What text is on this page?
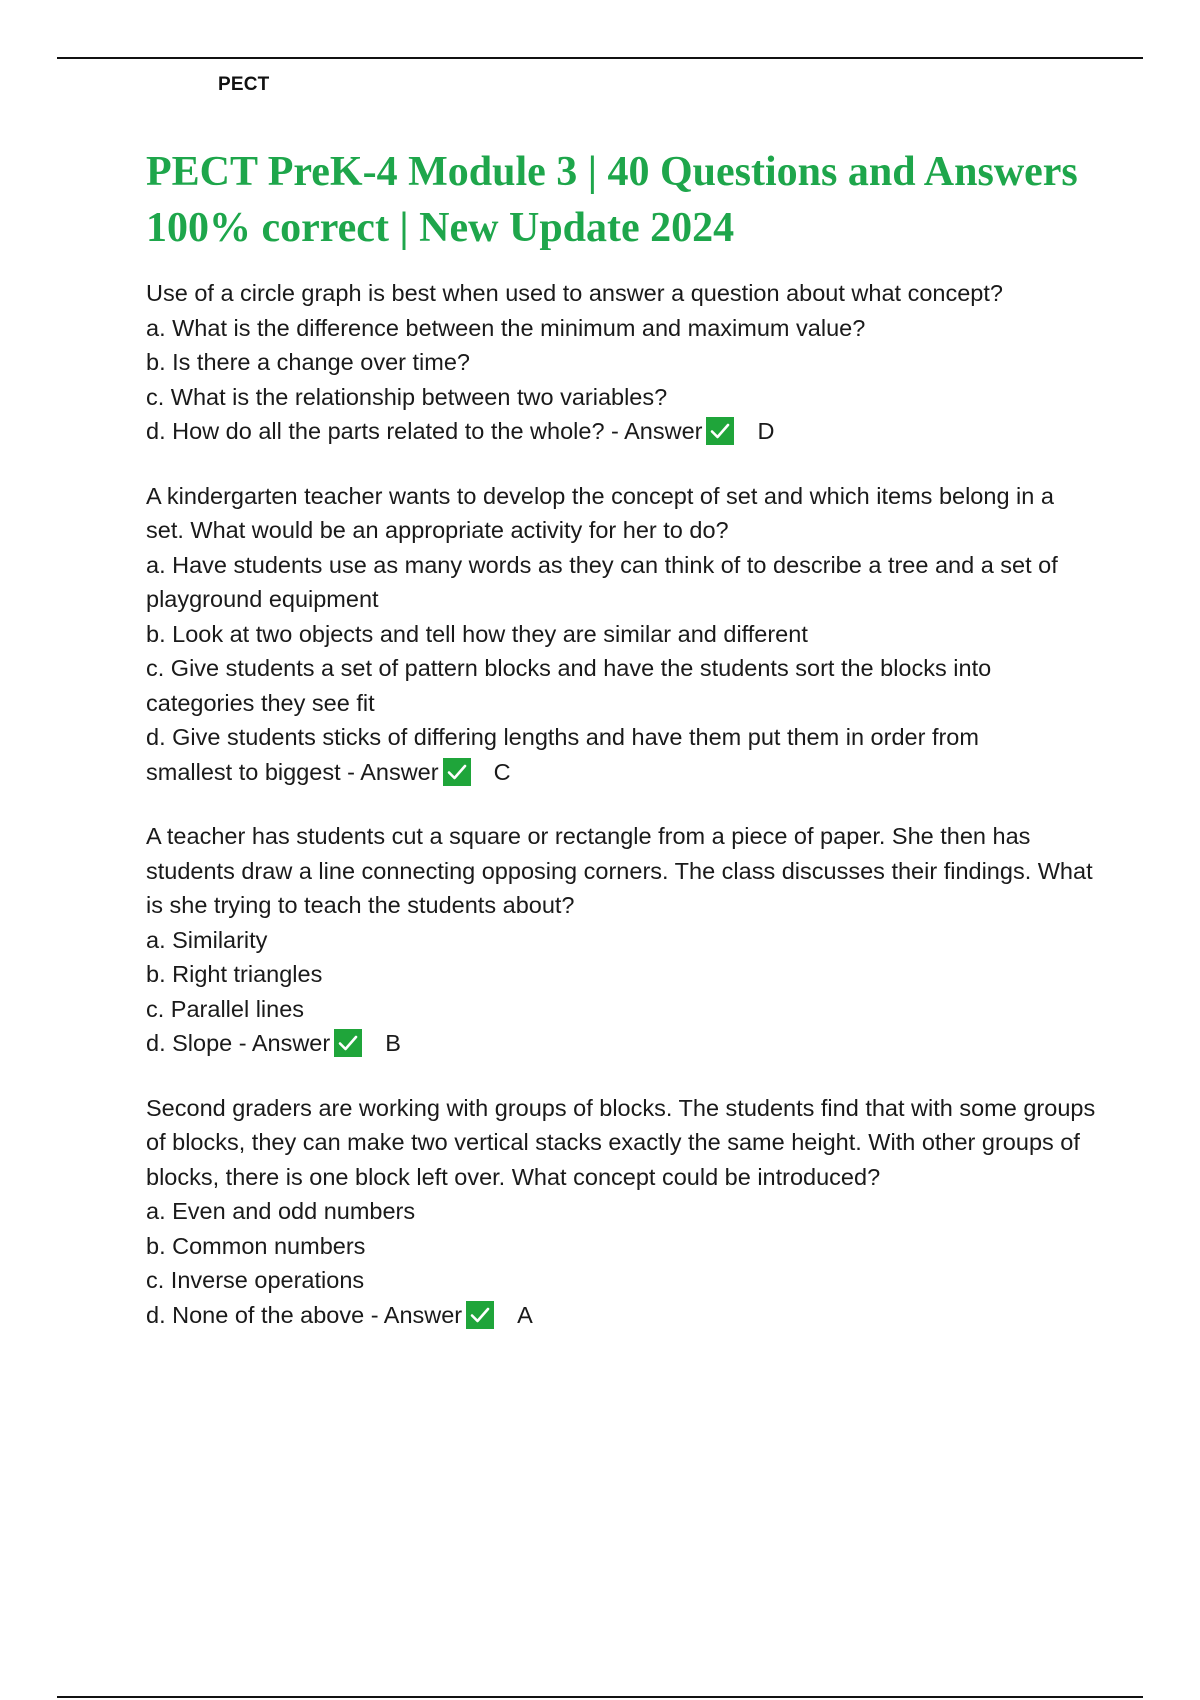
PECT
PECT PreK-4 Module 3 | 40 Questions and Answers 100% correct | New Update 2024
Use of a circle graph is best when used to answer a question about what concept?
a. What is the difference between the minimum and maximum value?
b. Is there a change over time?
c. What is the relationship between two variables?
d. How do all the parts related to the whole? - Answer D
A kindergarten teacher wants to develop the concept of set and which items belong in a set. What would be an appropriate activity for her to do?
a. Have students use as many words as they can think of to describe a tree and a set of playground equipment
b. Look at two objects and tell how they are similar and different
c. Give students a set of pattern blocks and have the students sort the blocks into categories they see fit
d. Give students sticks of differing lengths and have them put them in order from
smallest to biggest - Answer C
A teacher has students cut a square or rectangle from a piece of paper. She then has students draw a line connecting opposing corners. The class discusses their findings. What is she trying to teach the students about?
a. Similarity
b. Right triangles
c. Parallel lines
d. Slope - Answer B
Second graders are working with groups of blocks. The students find that with some groups of blocks, they can make two vertical stacks exactly the same height. With other groups of blocks, there is one block left over. What concept could be introduced?
a. Even and odd numbers
b. Common numbers
c. Inverse operations
d. None of the above - Answer A
